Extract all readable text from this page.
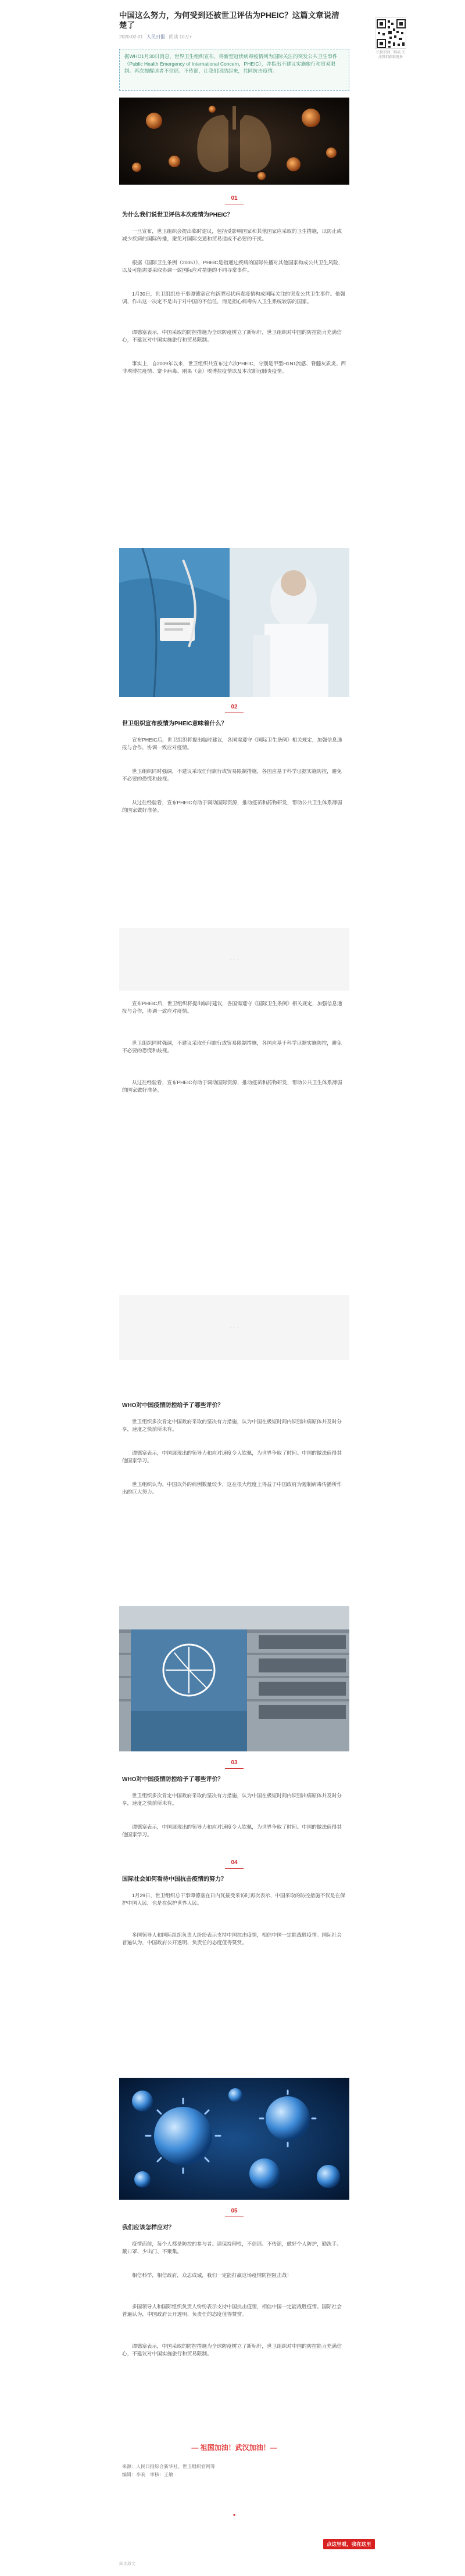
中国这么努力，为何受到还被世卫评估为PHEIC？这篇文章说清楚了
2020-02-01 人民日报 阅读 10万+
长按识别二维码 关注我们获取更多
据WHO1月30日消息，世界卫生组织宣布，将新型冠状病毒疫情列为国际关注的突发公共卫生事件（Public Health Emergency of International Concern，PHEIC），并指出不建议实施旅行和贸易限制。再次提醒读者不信谣、不传谣，让我们团结起来，共同抗击疫情。
01
为什么我们说世卫评估本次疫情为PHEIC？
一旦宣布，世卫组织会提出临时建议，包括受影响国家和其他国家应采取的卫生措施，以防止或减少疾病的国际传播，避免对国际交通和贸易造成不必要的干扰。
根据《国际卫生条例（2005）》，PHEIC是指通过疾病的国际传播对其他国家构成公共卫生风险，以及可能需要采取协调一致国际应对措施的不同寻常事件。
1月30日，世卫组织总干事谭德塞宣布新型冠状病毒疫情构成国际关注的突发公共卫生事件。他强调，作出这一决定不是出于对中国的不信任，而是担心病毒传入卫生系统较弱的国家。
谭德塞表示，中国采取的防控措施为全球防疫树立了新标杆，世卫组织对中国的防控能力充满信心，不建议对中国实施旅行和贸易限制。
事实上，自2009年以来，世卫组织共宣布过六次PHEIC，分别是甲型H1N1流感、脊髓灰质炎、西非埃博拉疫情、寨卡病毒、刚果（金）埃博拉疫情以及本次新冠肺炎疫情。
02
世卫组织宣布疫情为PHEIC意味着什么？
宣布PHEIC后，世卫组织将提出临时建议，各国需遵守《国际卫生条例》相关规定，加强信息通报与合作，协调一致应对疫情。
世卫组织同时强调，不建议采取任何旅行或贸易限制措施，各国应基于科学证据实施防控，避免不必要的恐慌和歧视。
从过往经验看，宣布PHEIC有助于调动国际资源，推动疫苗和药物研发，帮助公共卫生体系薄弱的国家做好准备。
· · ·
宣布PHEIC后，世卫组织将提出临时建议，各国需遵守《国际卫生条例》相关规定，加强信息通报与合作，协调一致应对疫情。
世卫组织同时强调，不建议采取任何旅行或贸易限制措施，各国应基于科学证据实施防控，避免不必要的恐慌和歧视。
从过往经验看，宣布PHEIC有助于调动国际资源，推动疫苗和药物研发，帮助公共卫生体系薄弱的国家做好准备。
· · ·
WHO对中国疫情防控给予了哪些评价？
世卫组织多次肯定中国政府采取的坚决有力措施，认为中国在极短时间内识别出病原体并及时分享，速度之快前所未有。
谭德塞表示，中国展现出的领导力和应对速度令人钦佩，为世界争取了时间。中国的做法值得其他国家学习。
世卫组织认为，中国以外的病例数量较少，这在很大程度上得益于中国政府为遏制病毒传播所作出的巨大努力。
03
WHO对中国疫情防控给予了哪些评价？
世卫组织多次肯定中国政府采取的坚决有力措施，认为中国在极短时间内识别出病原体并及时分享，速度之快前所未有。
谭德塞表示，中国展现出的领导力和应对速度令人钦佩，为世界争取了时间。中国的做法值得其他国家学习。
04
国际社会如何看待中国抗击疫情的努力？
1月29日，世卫组织总干事谭德塞在日内瓦接受采访时再次表示，中国采取的防控措施不仅是在保护中国人民，也是在保护世界人民。
多国领导人和国际组织负责人纷纷表示支持中国抗击疫情，相信中国一定能战胜疫情。国际社会普遍认为，中国政府公开透明、负责任的态度值得赞赏。
05
我们应该怎样应对？
疫情面前，每个人都是防控的参与者。请保持理性，不信谣、不传谣，做好个人防护，勤洗手、戴口罩、少出门、不聚集。
相信科学，相信政府，众志成城，我们一定能打赢这场疫情防控阻击战！
多国领导人和国际组织负责人纷纷表示支持中国抗击疫情，相信中国一定能战胜疫情。国际社会普遍认为，中国政府公开透明、负责任的态度值得赞赏。
谭德塞表示，中国采取的防控措施为全球防疫树立了新标杆，世卫组织对中国的防控能力充满信心，不建议对中国实施旅行和贸易限制。
— 祖国加油！武汉加油！—
来源：人民日报综合新华社、世卫组织官网等
编辑：李响　审核：王敏
●
点这里看，我在这里
阅读原文
